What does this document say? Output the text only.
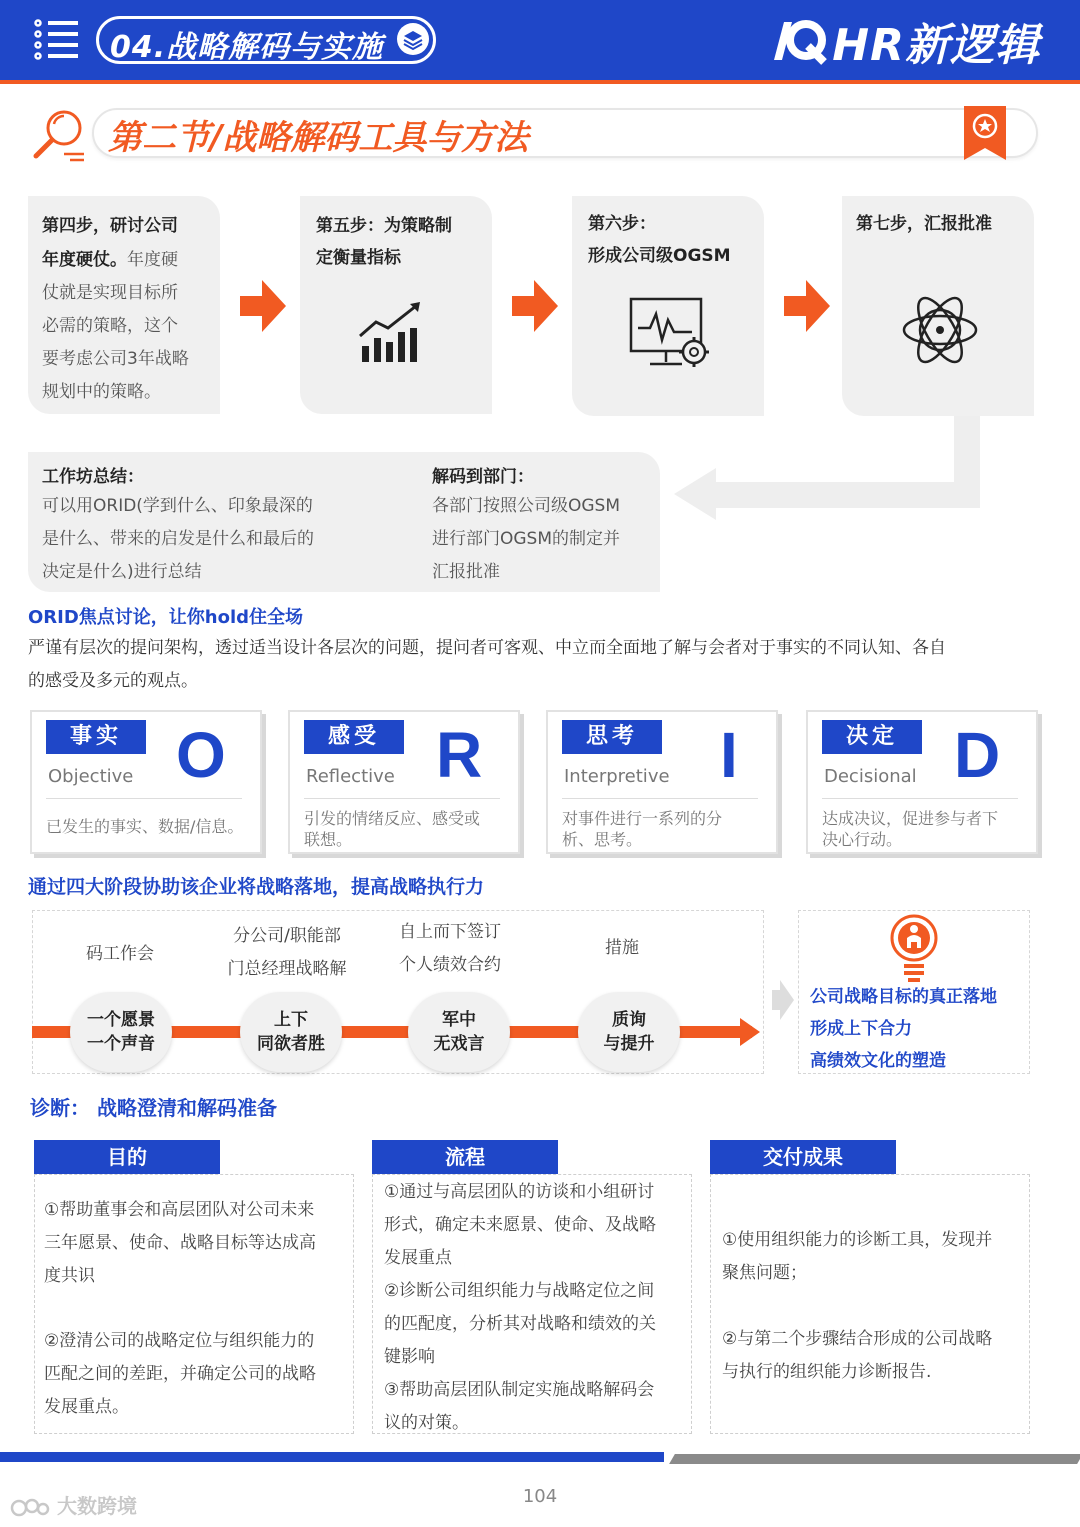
04.战略解码与实施	HR新逻辑
第二节/战略解码工具与方法
第四步，研讨公司
年度硬仗。年度硬
仗就是实现目标所
必需的策略，这个
要考虑公司3年战略
规划中的策略。
第五步：为策略制
定衡量指标
第六步：
形成公司级OGSM
第七步，汇报批准
工作坊总结：
可以用ORID(学到什么、印象最深的
是什么、带来的启发是什么和最后的
决定是什么)进行总结
解码到部门：
各部门按照公司级OGSM
进行部门OGSM的制定并
汇报批准
ORID焦点讨论，让你hold住全场
严谨有层次的提问架构，透过适当设计各层次的问题，提问者可客观、中立而全面地了解与会者对于事实的不同认知、各自
的感受及多元的观点。
事实
Objective O
已发生的事实、数据/信息。
感受
Reflective R
引发的情绪反应、感受或联想。
思考
Interpretive I
对事件进行一系列的分析、思考。
决定
Decisional D
达成决议，促进参与者下决心行动。
通过四大阶段协助该企业将战略落地，提高战略执行力
码工作会
分公司/职能部
门总经理战略解
自上而下签订
个人绩效合约
措施
一个愿景
一个声音
上下
同欲者胜
军中
无戏言
质询
与提升
公司战略目标的真正落地
形成上下合力
高绩效文化的塑造
诊断： 战略澄清和解码准备
目的
①帮助董事会和高层团队对公司未来
三年愿景、使命、战略目标等达成高
度共识
②澄清公司的战略定位与组织能力的
匹配之间的差距，并确定公司的战略
发展重点。
流程
①通过与高层团队的访谈和小组研讨
形式，确定未来愿景、使命、及战略
发展重点
②诊断公司组织能力与战略定位之间
的匹配度，分析其对战略和绩效的关
键影响
③帮助高层团队制定实施战略解码会
议的对策。
交付成果
①使用组织能力的诊断工具，发现并
聚焦问题；
②与第二个步骤结合形成的公司战略
与执行的组织能力诊断报告.
104
大数跨境
